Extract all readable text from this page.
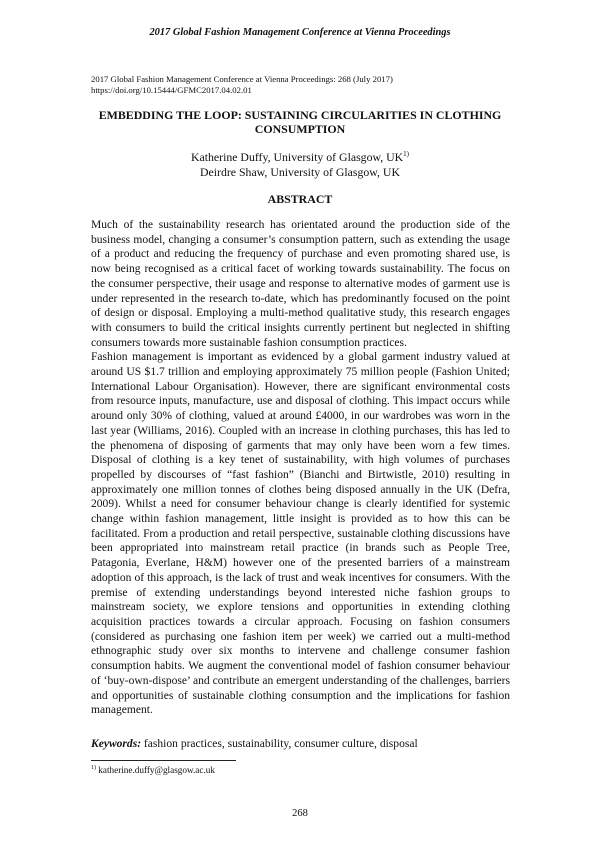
2017 Global Fashion Management Conference at Vienna Proceedings
2017 Global Fashion Management Conference at Vienna Proceedings: 268 (July 2017)
https://doi.org/10.15444/GFMC2017.04.02.01
EMBEDDING THE LOOP: SUSTAINING CIRCULARITIES IN CLOTHING
CONSUMPTION
Katherine Duffy, University of Glasgow, UK$^{1)}$
Deirdre Shaw, University of Glasgow, UK
ABSTRACT

Much of the sustainability research has orientated around the production side of the business model, changing a consumer’s consumption pattern, such as extending the usage of a product and reducing the frequency of purchase and even promoting shared use, is now being recognised as a critical facet of working towards sustainability. The focus on the consumer perspective, their usage and response to alternative modes of garment use is under represented in the research to-date, which has predominantly focused on the point of design or disposal. Employing a multi-method qualitative study, this research engages with consumers to build the critical insights currently pertinent but neglected in shifting consumers towards more sustainable fashion consumption practices.

Fashion management is important as evidenced by a global garment industry valued at around US $1.7 trillion and employing approximately 75 million people (Fashion United; International Labour Organisation). However, there are significant environmental costs from resource inputs, manufacture, use and disposal of clothing. This impact occurs while around only 30% of clothing, valued at around £4000, in our wardrobes was worn in the last year (Williams, 2016). Coupled with an increase in clothing purchases, this has led to the phenomena of disposing of garments that may only have been worn a few times. Disposal of clothing is a key tenet of sustainability, with high volumes of purchases propelled by discourses of “fast fashion” (Bianchi and Birtwistle, 2010) resulting in approximately one million tonnes of clothes being disposed annually in the UK (Defra, 2009). Whilst a need for consumer behaviour change is clearly identified for systemic change within fashion management, little insight is provided as to how this can be facilitated. From a production and retail perspective, sustainable clothing discussions have been appropriated into mainstream retail practice (in brands such as People Tree, Patagonia, Everlane, H&M) however one of the presented barriers of a mainstream adoption of this approach, is the lack of trust and weak incentives for consumers. With the premise of extending understandings beyond interested niche fashion groups to mainstream society, we explore tensions and opportunities in extending clothing acquisition practices towards a circular approach. Focusing on fashion consumers (considered as purchasing one fashion item per week) we carried out a multi-method ethnographic study over six months to intervene and challenge consumer fashion consumption habits. We augment the conventional model of fashion consumer behaviour of ‘buy-own-dispose’ and contribute an emergent understanding of the challenges, barriers and opportunities of sustainable clothing consumption and the implications for fashion management.

Keywords: fashion practices, sustainability, consumer culture, disposal
$^{1)}$ katherine.duffy@glasgow.ac.uk
268
